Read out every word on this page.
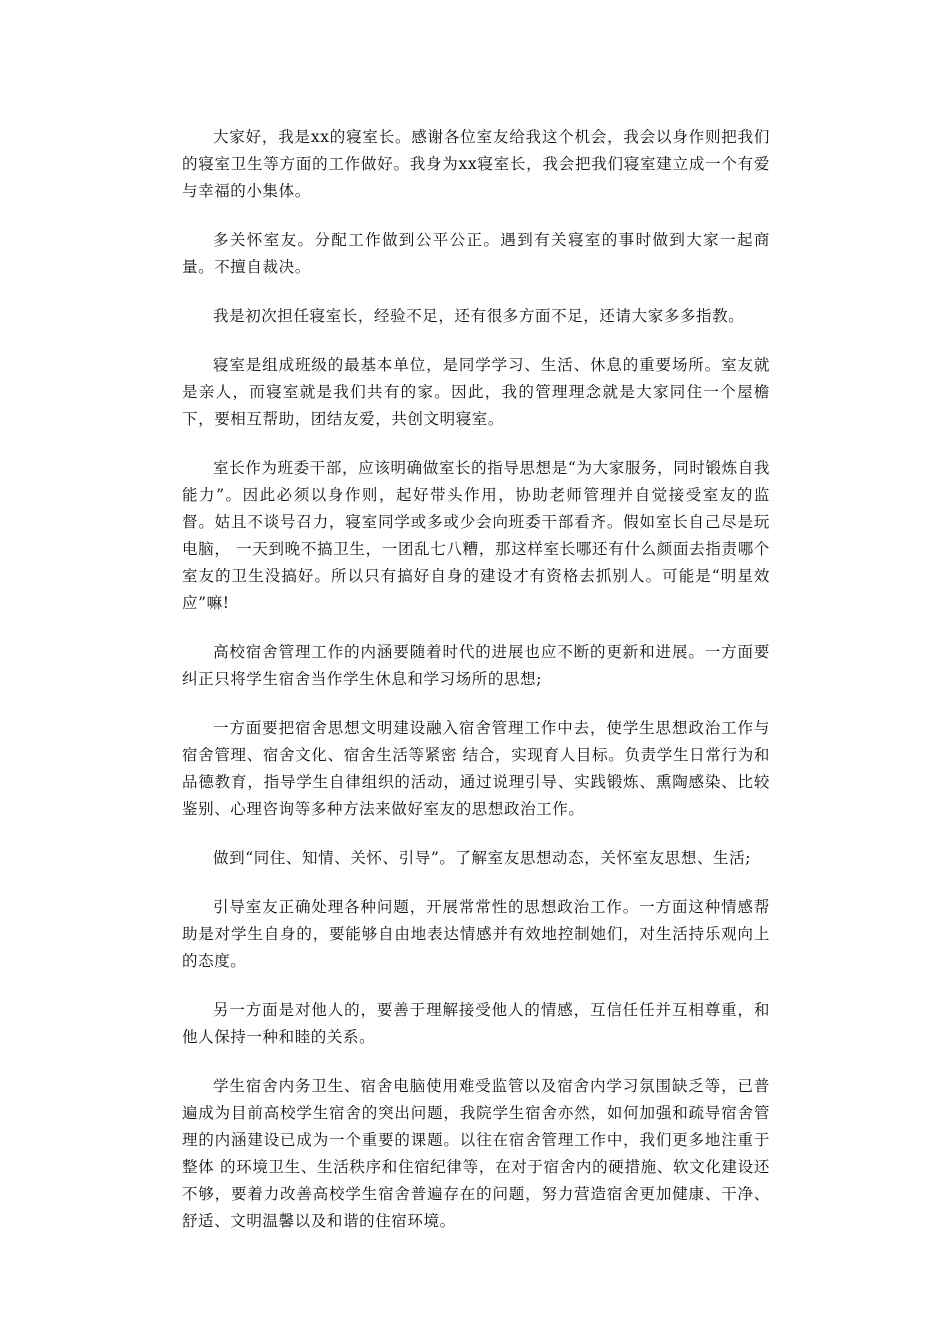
大家好，我是xx的寝室长。感谢各位室友给我这个机会，我会以身作则把我们的寝室卫生等方面的工作做好。我身为xx寝室长，我会把我们寝室建立成一个有爱与幸福的小集体。

多关怀室友。分配工作做到公平公正。遇到有关寝室的事时做到大家一起商量。不擅自裁决。

我是初次担任寝室长，经验不足，还有很多方面不足，还请大家多多指教。

寝室是组成班级的最基本单位，是同学学习、生活、休息的重要场所。室友就是亲人，而寝室就是我们共有的家。因此，我的管理理念就是大家同住一个屋檐下，要相互帮助，团结友爱，共创文明寝室。

室长作为班委干部，应该明确做室长的指导思想是“为大家服务，同时锻炼自我能力”。因此必须以身作则，起好带头作用，协助老师管理并自觉接受室友的监督。姑且不谈号召力，寝室同学或多或少会向班委干部看齐。假如室长自己尽是玩电脑， 一天到晚不搞卫生，一团乱七八糟，那这样室长哪还有什么颜面去指责哪个室友的卫生没搞好。所以只有搞好自身的建设才有资格去抓别人。可能是“明星效应”嘛!

高校宿舍管理工作的内涵要随着时代的进展也应不断的更新和进展。一方面要纠正只将学生宿舍当作学生休息和学习场所的思想;

一方面要把宿舍思想文明建设融入宿舍管理工作中去，使学生思想政治工作与宿舍管理、宿舍文化、宿舍生活等紧密 结合，实现育人目标。负责学生日常行为和品德教育，指导学生自律组织的活动，通过说理引导、实践锻炼、熏陶感染、比较鉴别、心理咨询等多种方法来做好室友的思想政治工作。

做到“同住、知情、关怀、引导”。了解室友思想动态，关怀室友思想、生活;

引导室友正确处理各种问题，开展常常性的思想政治工作。一方面这种情感帮助是对学生自身的，要能够自由地表达情感并有效地控制她们，对生活持乐观向上的态度。

另一方面是对他人的，要善于理解接受他人的情感，互信任任并互相尊重，和他人保持一种和睦的关系。

学生宿舍内务卫生、宿舍电脑使用难受监管以及宿舍内学习氛围缺乏等，已普遍成为目前高校学生宿舍的突出问题，我院学生宿舍亦然，如何加强和疏导宿舍管理的内涵建设已成为一个重要的课题。以往在宿舍管理工作中，我们更多地注重于整体 的环境卫生、生活秩序和住宿纪律等，在对于宿舍内的硬措施、软文化建设还不够，要着力改善高校学生宿舍普遍存在的问题，努力营造宿舍更加健康、干净、舒适、文明温馨以及和谐的住宿环境。
